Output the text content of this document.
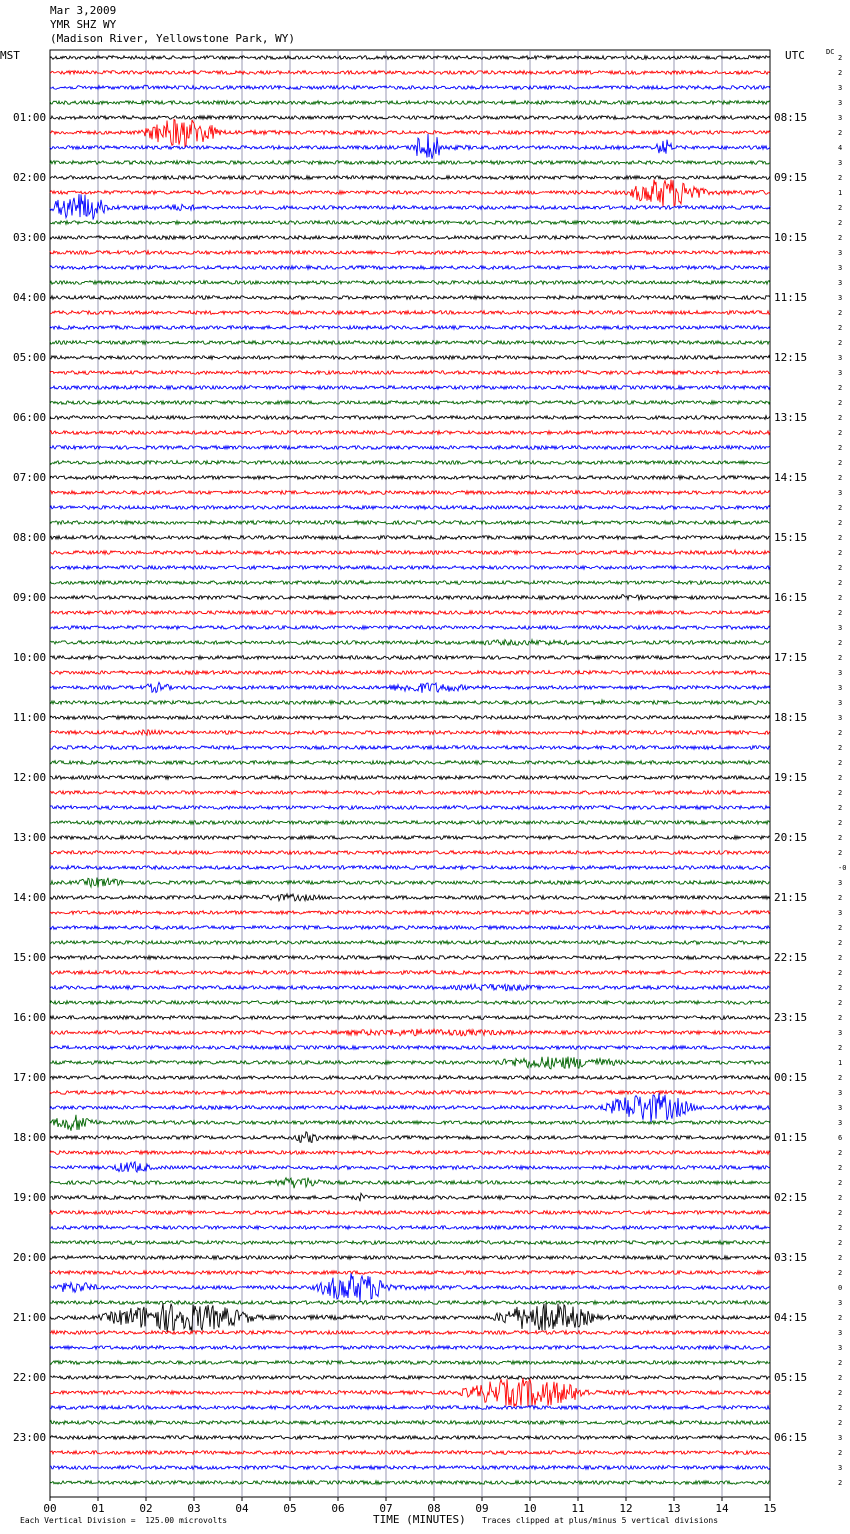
Mar 3,2009
YMR SHZ WY
(Madison River, Yellowstone Park, WY)
MST	UTC	DC
01:00
02:00
03:00
04:00
05:00
06:00
07:00
08:00
09:00
10:00
11:00
12:00
13:00
14:00
15:00
16:00
17:00
18:00
19:00
20:00
21:00
22:00
23:00
08:15
09:15
10:15
11:15
12:15
13:15
14:15
15:15
16:15
17:15
18:15
19:15
20:15
21:15
22:15
23:15
00:15
01:15
02:15
03:15
04:15
05:15
06:15
2
2
3
3
3
2
4
3
2
1
2
2
2
3
3
3
3
2
2
2
3
3
2
2
2
2
2
2
2
3
2
2
2
2
2
2
2
2
3
2
2
3
3
3
3
2
2
2
2
2
2
2
2
2
-0
3
2
3
2
2
2
2
2
2
2
3
2
1
2
3
3
3
6
2
2
2
2
2
2
2
2
2
0
3
2
3
3
2
2
2
2
2
3
2
3
2
00	01	02	03	04	05	06	07	08	09	10	11	12	13	14	15
TIME (MINUTES)
Each Vertical Division =  125.00 microvolts	Traces clipped at plus/minus 5 vertical divisions
